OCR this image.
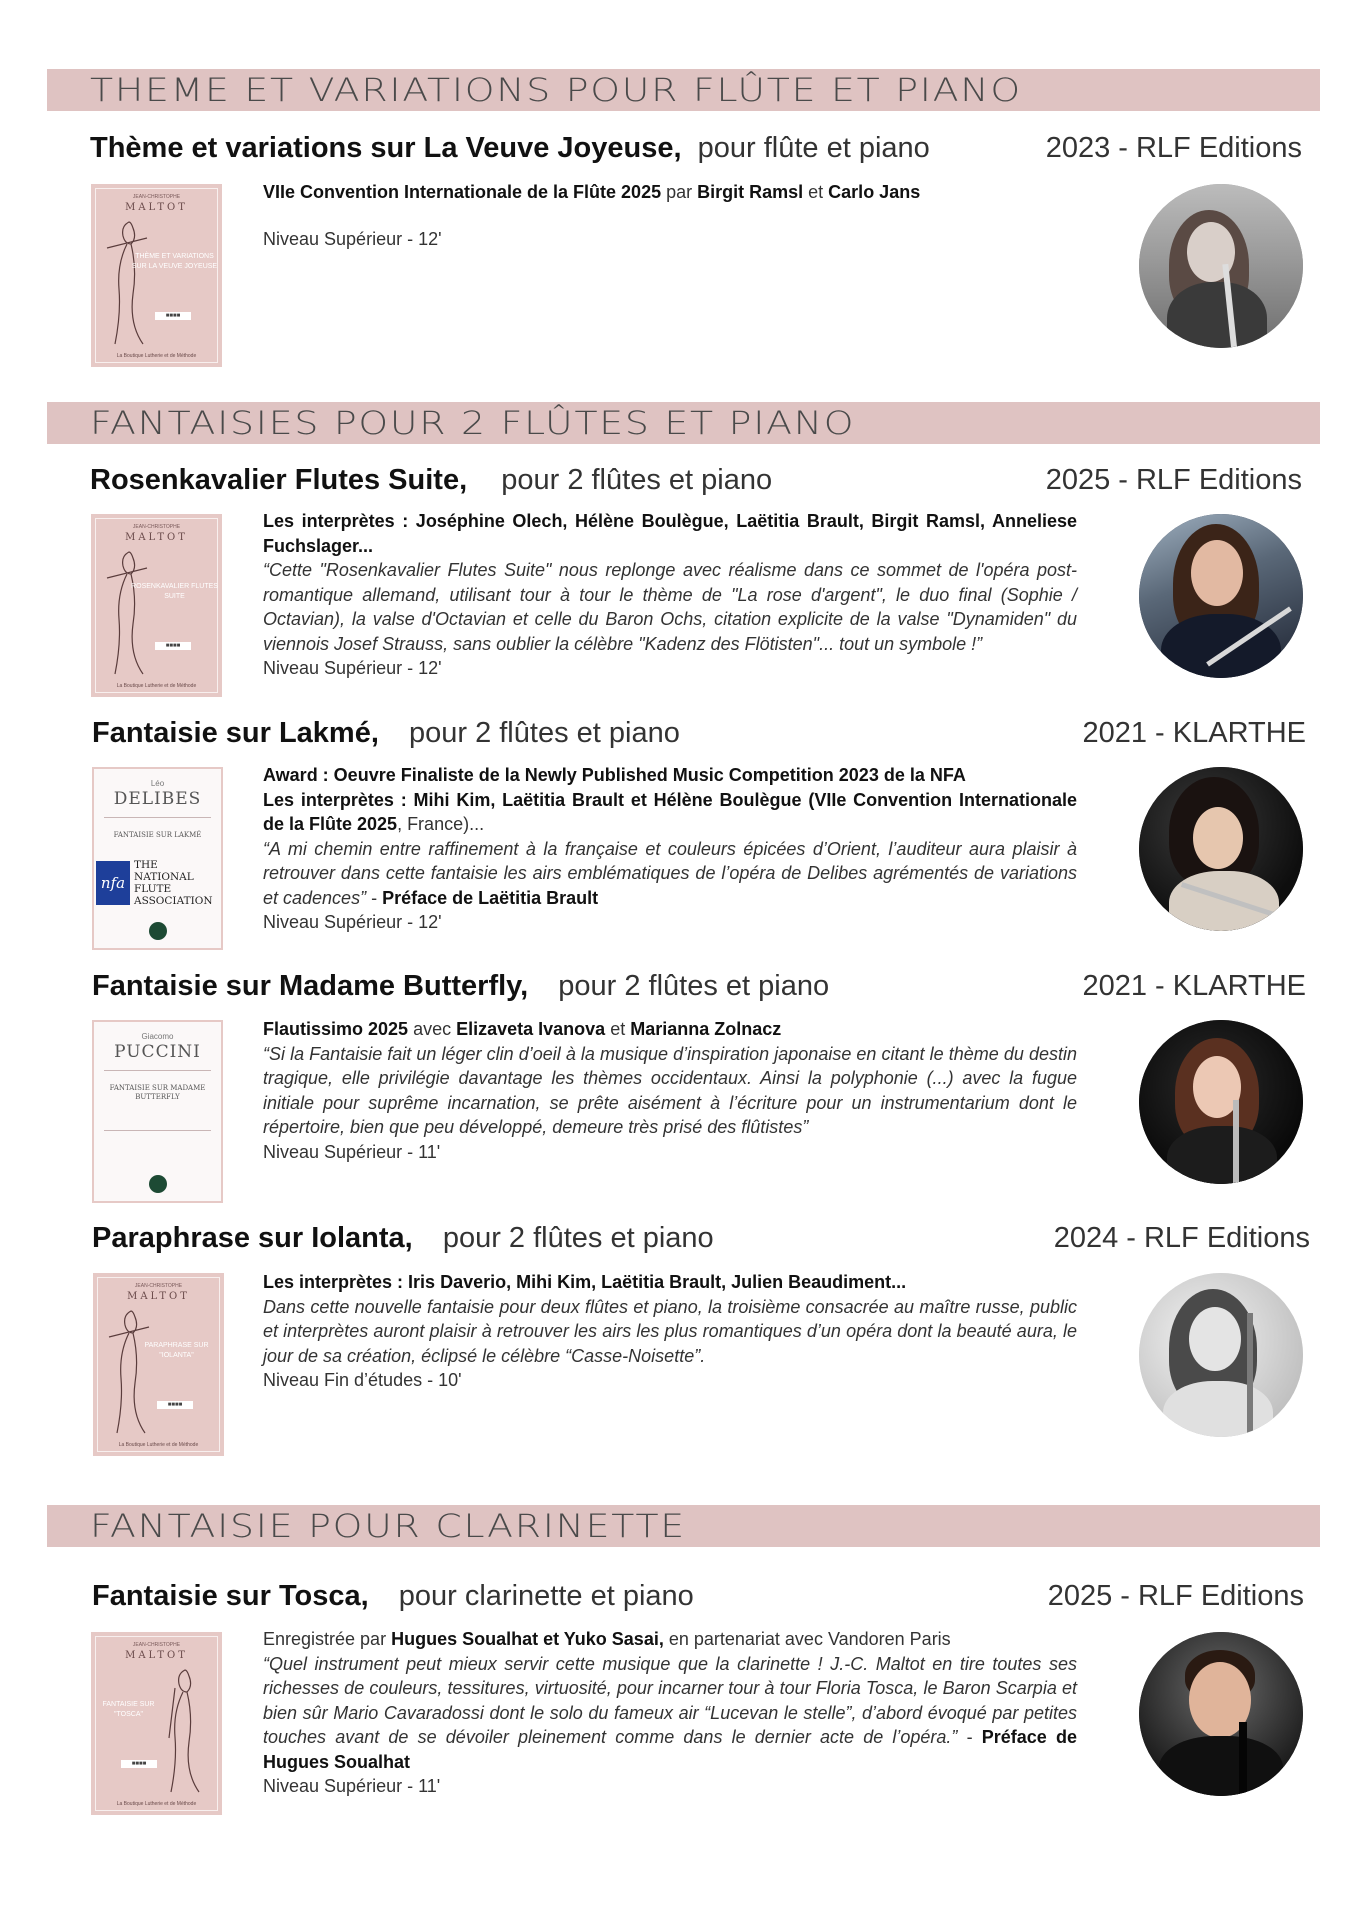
THEME ET VARIATIONS POUR FLÛTE ET PIANO
Thème et variations sur La Veuve Joyeuse, pour flûte et piano	2023 - RLF Editions
JEAN-CHRISTOPHE
MALTOT
THÈME ET VARIATIONS SUR LA VEUVE JOYEUSE
■■■■
La Boutique Lutherie et de Méthode

VIIe Convention Internationale de la Flûte 2025 par Birgit Ramsl et Carlo Jans

Niveau Supérieur - 12'

FANTAISIES POUR 2 FLÛTES ET PIANO
Rosenkavalier Flutes Suite, pour 2 flûtes et piano	2025 - RLF Editions
JEAN-CHRISTOPHE
MALTOT
ROSENKAVALIER FLUTES SUITE
■■■■
La Boutique Lutherie et de Méthode

Les interprètes : Joséphine Olech, Hélène Boulègue, Laëtitia Brault, Birgit Ramsl, Anneliese Fuchslager...

“Cette "Rosenkavalier Flutes Suite" nous replonge avec réalisme dans ce sommet de l'opéra post-romantique allemand, utilisant tour à tour le thème de "La rose d'argent", le duo final (Sophie / Octavian), la valse d'Octavian et celle du Baron Ochs, citation explicite de la valse "Dynamiden" du viennois Josef Strauss, sans oublier la célèbre "Kadenz des Flötisten"... tout un symbole !”

Niveau Supérieur - 12'

Fantaisie sur Lakmé, pour 2 flûtes et piano	2021 - KLARTHE
Léo
DELIBES
FANTAISIE SUR LAKMÉ
nfa
THE NATIONAL FLUTE ASSOCIATION

Award : Oeuvre Finaliste de la Newly Published Music Competition 2023 de la NFA

Les interprètes : Mihi Kim, Laëtitia Brault et Hélène Boulègue (VIIe Convention Internationale de la Flûte 2025, France)...

“A mi chemin entre raffinement à la française et couleurs épicées d’Orient, l’auditeur aura plaisir à retrouver dans cette fantaisie les airs emblématiques de l’opéra de Delibes agrémentés de variations et cadences” - Préface de Laëtitia Brault

Niveau Supérieur - 12'

Fantaisie sur Madame Butterfly, pour 2 flûtes et piano	2021 - KLARTHE
Giacomo
PUCCINI
FANTAISIE SUR MADAME BUTTERFLY

Flautissimo 2025 avec Elizaveta Ivanova et Marianna Zolnacz

“Si la Fantaisie fait un léger clin d’oeil à la musique d’inspiration japonaise en citant le thème du destin tragique, elle privilégie davantage les thèmes occidentaux. Ainsi la polyphonie (...) avec la fugue initiale pour suprême incarnation, se prête aisément à l’écriture pour un instrumentarium dont le répertoire, bien que peu développé, demeure très prisé des flûtistes”

Niveau Supérieur - 11'

Paraphrase sur Iolanta, pour 2 flûtes et piano	2024 - RLF Editions
JEAN-CHRISTOPHE
MALTOT
PARAPHRASE SUR "IOLANTA"
■■■■
La Boutique Lutherie et de Méthode

Les interprètes : Iris Daverio, Mihi Kim, Laëtitia Brault, Julien Beaudiment...

Dans cette nouvelle fantaisie pour deux flûtes et piano, la troisième consacrée au maître russe, public et interprètes auront plaisir à retrouver les airs les plus romantiques d’un opéra dont la beauté aura, le jour de sa création, éclipsé le célèbre “Casse-Noisette”.

Niveau Fin d’études - 10'

FANTAISIE POUR CLARINETTE
Fantaisie sur Tosca, pour clarinette et piano	2025 - RLF Editions
JEAN-CHRISTOPHE
MALTOT
FANTAISIE SUR "TOSCA"
■■■■
La Boutique Lutherie et de Méthode

Enregistrée par Hugues Soualhat et Yuko Sasai, en partenariat avec Vandoren Paris

“Quel instrument peut mieux servir cette musique que la clarinette ! J.-C. Maltot en tire toutes ses richesses de couleurs, tessitures, virtuosité, pour incarner tour à tour Floria Tosca, le Baron Scarpia et bien sûr Mario Cavaradossi dont le solo du fameux air “Lucevan le stelle”, d’abord évoqué par petites touches avant de se dévoiler pleinement comme dans le dernier acte de l’opéra.” - Préface de Hugues Soualhat

Niveau Supérieur - 11'
